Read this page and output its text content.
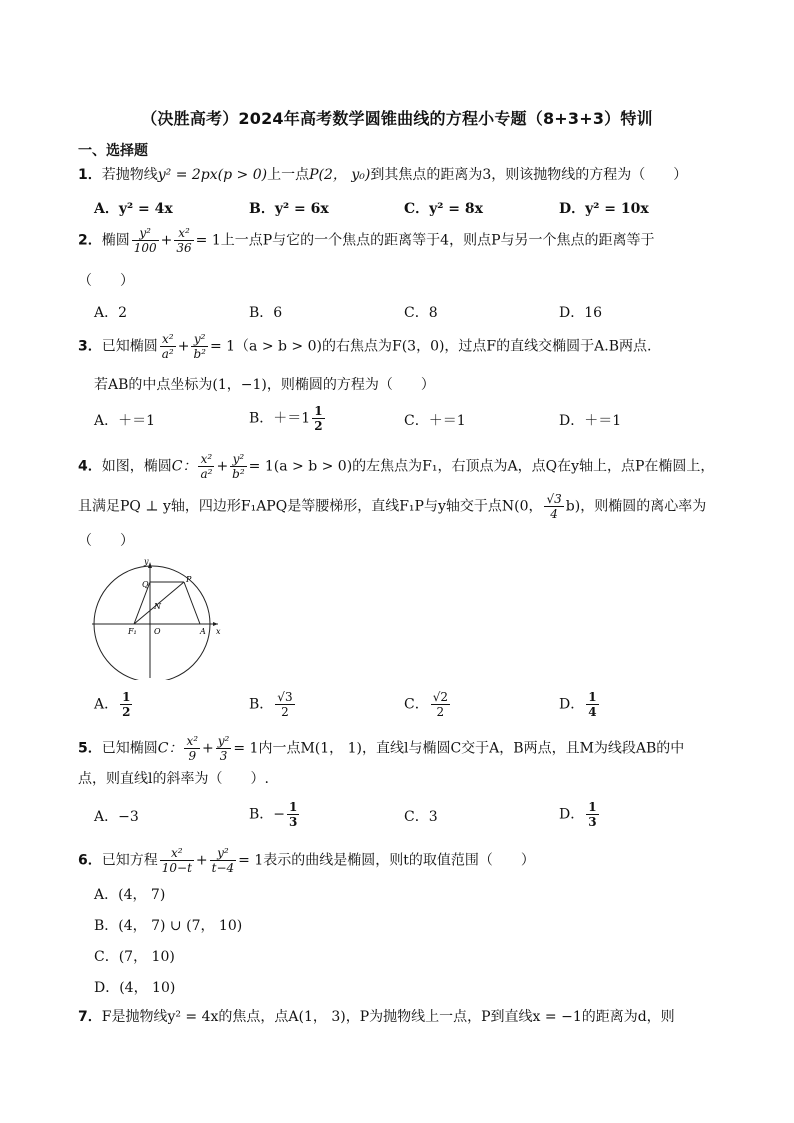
（决胜高考）2024年高考数学圆锥曲线的方程小专题（8+3+3）特训
一、选择题
1．若抛物线y² = 2px(p > 0)上一点P(2， y₀)到其焦点的距离为3，则该抛物线的方程为（　　）
A．y² = 4x	B．y² = 6x	C．y² = 8x	D．y² = 10x
2．椭圆 $\frac{\text{y²}}{100} + \frac{\text{x²}}{36} = 1$上一点P与它的一个焦点的距离等于4，则点P与另一个焦点的距离等于
（　　）
A．2	B．6	C．8	D．16
3．已知椭圆 $\frac{\text{x²}}{\text{a²}} + \frac{\text{y²}}{\text{b²}} = 1(a > b > 0)$的右焦点为F(3，0)，过点F的直线交椭圆于A.B两点.
若AB的中点坐标为(1，−1)，则椭圆的方程为（　　）
A．＋＝1	B．$+=1 \frac{1}{2}$	C．＋＝1	D．＋＝1
4．如图，椭圆C： $\frac{\text{x²}}{\text{a²}} + \frac{\text{y²}}{\text{b²}} = 1(a > b > 0)$的左焦点为F₁，右顶点为A，点Q在y轴上，点P在椭圆上，
且满足PQ ⊥ y轴，四边形F₁APQ是等腰梯形，直线F₁P与y轴交于点N(0， $\frac{√3}{4} b$)，则椭圆的离心率为
（　　）
y
x
Q
P
N
F₁ O	A
A． $\frac{1}{2}$	B． $\frac{√3}{2}$	C． $\frac{√2}{2}$	D． $\frac{1}{4}$
5．已知椭圆C： $\frac{\text{x²}}{9} + \frac{\text{y²}}{3} = 1$内一点M(1， 1)，直线l与椭圆C交于A，B两点，且M为线段AB的中
点，则直线l的斜率为（　　）.
A．−3	B．− $\frac{1}{3}$	C．3	D． $\frac{1}{3}$
6．已知方程 $\frac{\text{x²}}{10-t} + \frac{\text{y²}}{t-4} = 1$表示的曲线是椭圆，则t的取值范围（　　）
A．(4， 7)
B．(4， 7) ∪ (7， 10)
C．(7， 10)
D．(4， 10)
7．F是抛物线y² = 4x的焦点，点A(1， 3)，P为抛物线上一点，P到直线x = −1的距离为d，则
